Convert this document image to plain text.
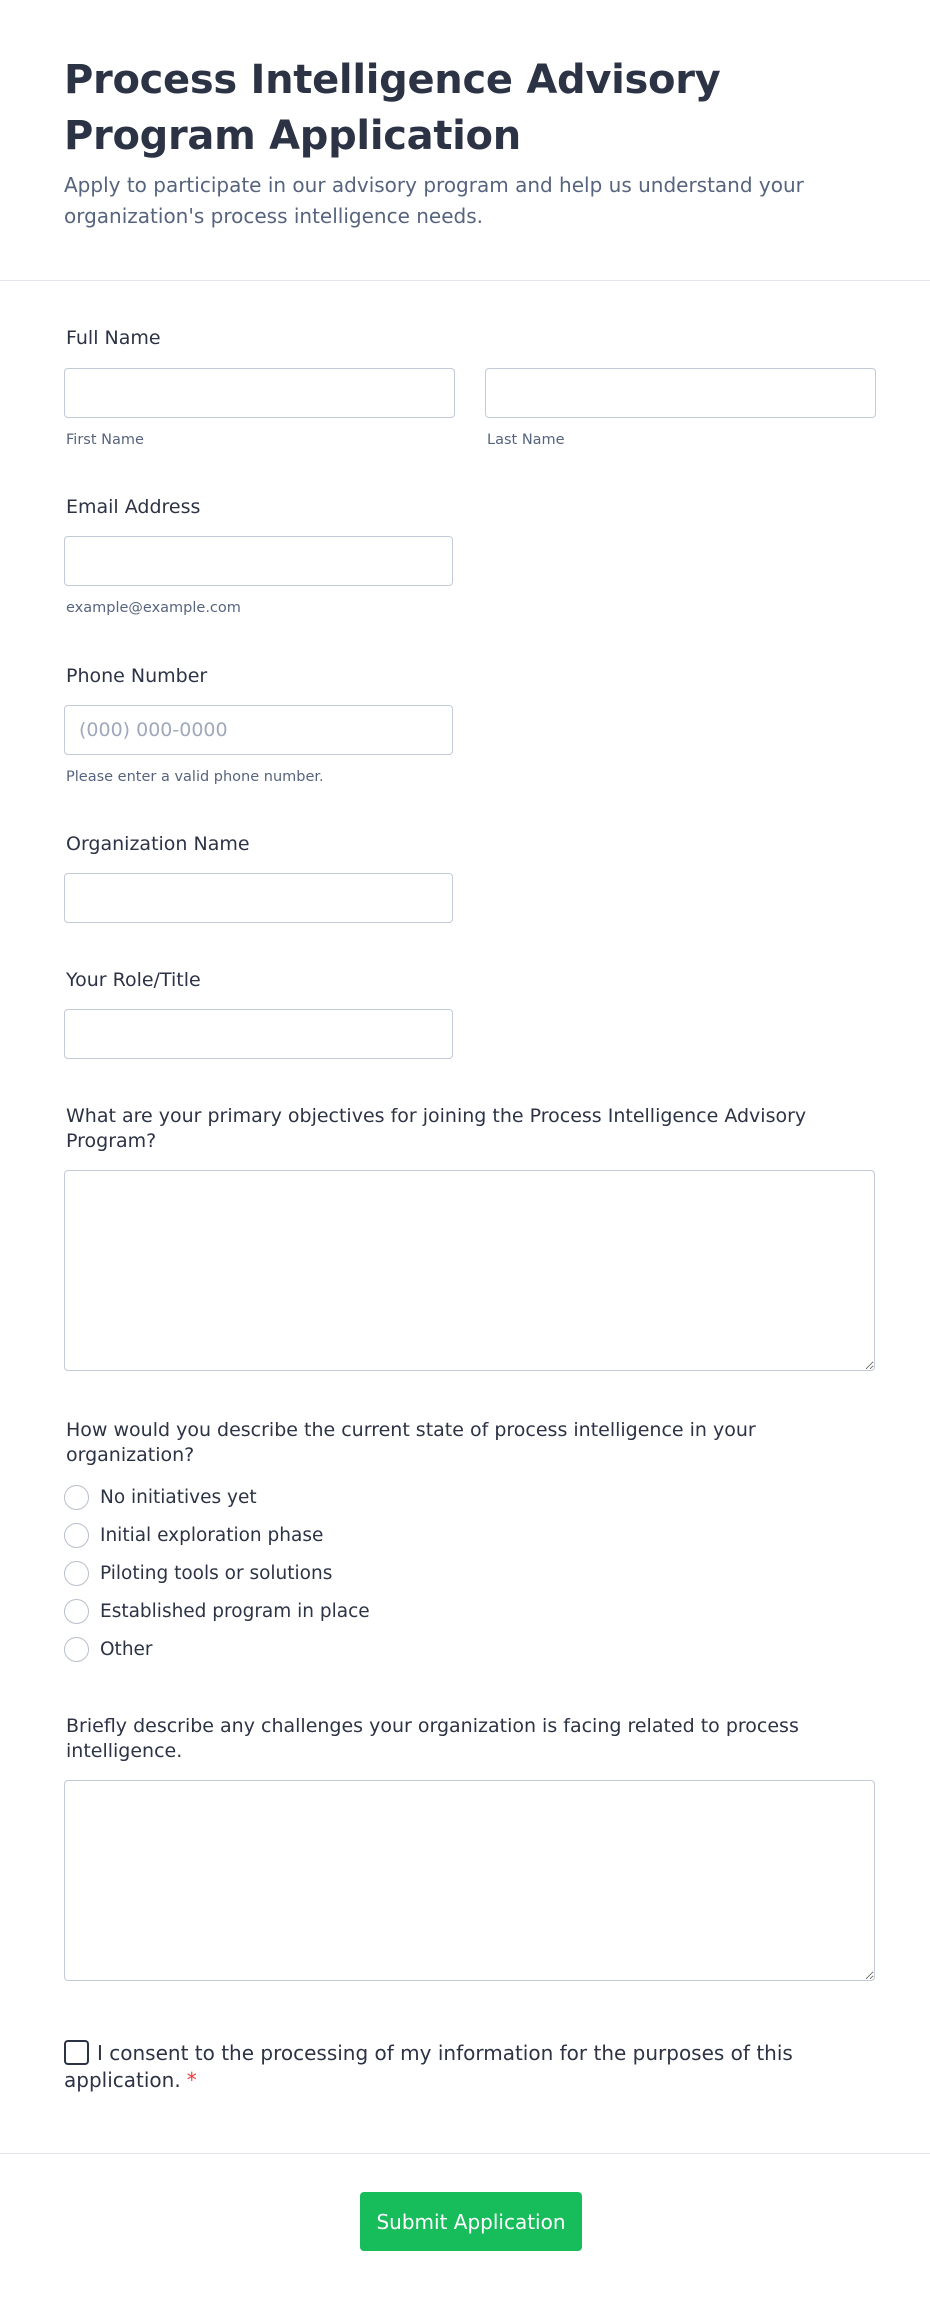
Process Intelligence Advisory Program Application

Apply to participate in our advisory program and help us understand your organization's process intelligence needs.

Full Name
First Name	Last Name
Email Address
example@example.com
Phone Number
(000) 000-0000
Please enter a valid phone number.
Organization Name
Your Role/Title
What are your primary objectives for joining the Process Intelligence Advisory Program?
How would you describe the current state of process intelligence in your organization?
No initiatives yet
Initial exploration phase
Piloting tools or solutions
Established program in place
Other
Briefly describe any challenges your organization is facing related to process intelligence.
I consent to the processing of my information for the purposes of this application. *
Submit Application
